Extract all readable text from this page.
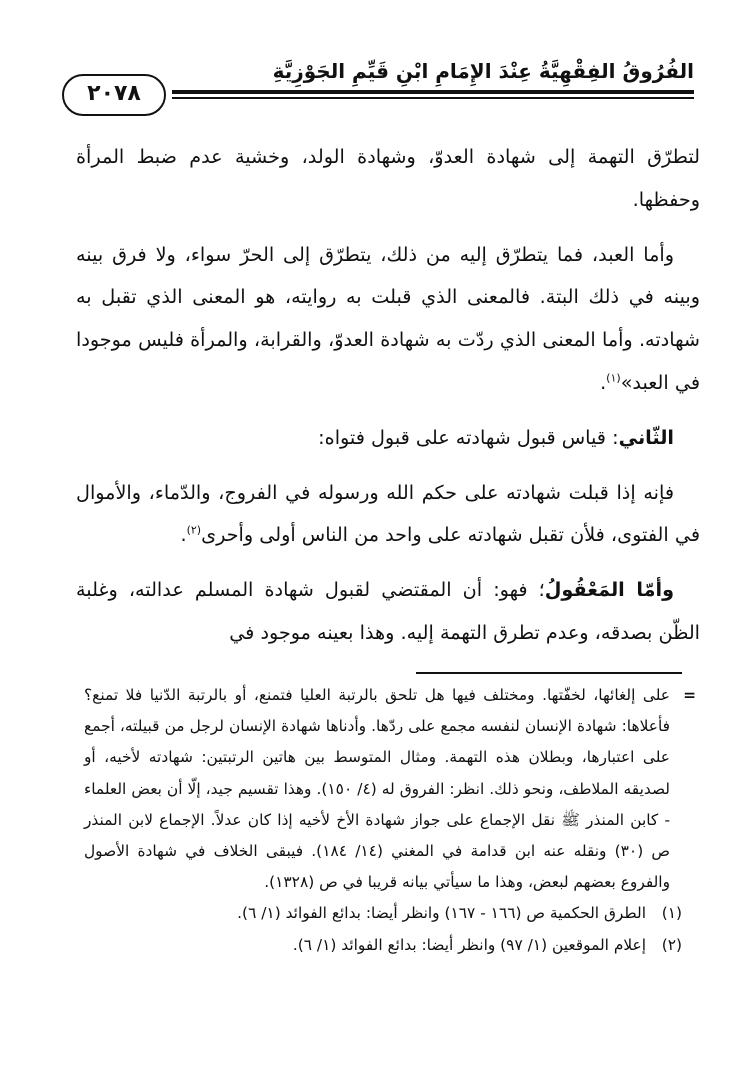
الفُرُوقُ الفِقْهِيَّةُ عِنْدَ الإِمَامِ ابْنِ قَيِّمِ الجَوْزِيَّةِ
٢٠٧٨

لتطرّق التهمة إلى شهادة العدوّ، وشهادة الولد، وخشية عدم ضبط المرأة وحفظها.

وأما العبد، فما يتطرّق إليه من ذلك، يتطرّق إلى الحرّ سواء، ولا فرق بينه وبينه في ذلك البتة. فالمعنى الذي قبلت به روايته، هو المعنى الذي تقبل به شهادته. وأما المعنى الذي ردّت به شهادة العدوّ، والقرابة، والمرأة فليس موجودا في العبد»$^{(١)}$.

الثّاني: قياس قبول شهادته على قبول فتواه:

فإنه إذا قبلت شهادته على حكم الله ورسوله في الفروج، والدّماء، والأموال في الفتوى، فلأن تقبل شهادته على واحد من الناس أولى وأحرى$^{(٢)}$.

وأمّا المَعْقُولُ؛ فهو: أن المقتضي لقبول شهادة المسلم عدالته، وغلبة الظّن بصدقه، وعدم تطرق التهمة إليه. وهذا بعينه موجود في

=
على إلغائها، لخفّتها. ومختلف فيها هل تلحق بالرتبة العليا فتمنع، أو بالرتبة الدّنيا فلا تمنع؟ فأعلاها: شهادة الإنسان لنفسه مجمع على ردّها. وأدناها شهادة الإنسان لرجل من قبيلته، أجمع على اعتبارها، وبطلان هذه التهمة. ومثال المتوسط بين هاتين الرتبتين: شهادته لأخيه، أو لصديقه الملاطف، ونحو ذلك. انظر: الفروق له (٤/ ١٥٠). وهذا تقسيم جيد، إلّا أن بعض العلماء - كابن المنذر ﷺ نقل الإجماع على جواز شهادة الأخ لأخيه إذا كان عدلاً. الإجماع لابن المنذر ص (٣٠) ونقله عنه ابن قدامة في المغني (١٤/ ١٨٤). فيبقى الخلاف في شهادة الأصول والفروع بعضهم لبعض، وهذا ما سيأتي بيانه قريبا في ص (١٣٢٨).
(١)
الطرق الحكمية ص (١٦٦ - ١٦٧) وانظر أيضا: بدائع الفوائد (١/ ٦).
(٢)
إعلام الموقعين (١/ ٩٧) وانظر أيضا: بدائع الفوائد (١/ ٦).
